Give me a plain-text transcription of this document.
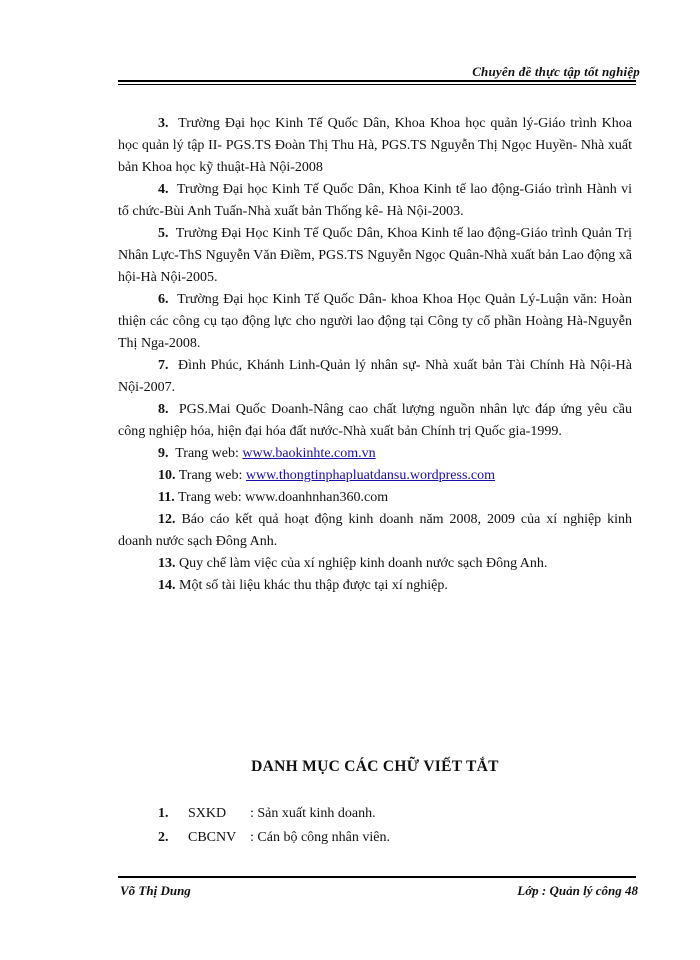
Chuyên đề thực tập tốt nghiệp

3. Trường Đại học Kinh Tế Quốc Dân, Khoa Khoa học quản lý-Giáo trình Khoa học quản lý tập II- PGS.TS Đoàn Thị Thu Hà, PGS.TS Nguyễn Thị Ngọc Huyền- Nhà xuất bản Khoa học kỹ thuật-Hà Nội-2008

4. Trường Đại học Kinh Tế Quốc Dân, Khoa Kinh tế lao động-Giáo trình Hành vi tổ chức-Bùi Anh Tuấn-Nhà xuất bản Thống kê- Hà Nội-2003.

5. Trường Đại Học Kinh Tế Quốc Dân, Khoa Kinh tế lao động-Giáo trình Quản Trị Nhân Lực-ThS Nguyễn Văn Điềm, PGS.TS Nguyễn Ngọc Quân-Nhà xuất bản Lao động xã hội-Hà Nội-2005.

6. Trường Đại học Kinh Tế Quốc Dân- khoa Khoa Học Quản Lý-Luận văn: Hoàn thiện các công cụ tạo động lực cho người lao động tại Công ty cổ phần Hoàng Hà-Nguyễn Thị Nga-2008.

7. Đình Phúc, Khánh Linh-Quản lý nhân sự- Nhà xuất bản Tài Chính Hà Nội-Hà Nội-2007.

8. PGS.Mai Quốc Doanh-Nâng cao chất lượng nguồn nhân lực đáp ứng yêu cầu công nghiệp hóa, hiện đại hóa đất nước-Nhà xuất bản Chính trị Quốc gia-1999.

9. Trang web: www.baokinhte.com.vn

10. Trang web: www.thongtinphapluatdansu.wordpress.com

11. Trang web: www.doanhnhan360.com

12. Báo cáo kết quả hoạt động kinh doanh năm 2008, 2009 của xí nghiệp kinh doanh nước sạch Đông Anh.

13. Quy chế làm việc của xí nghiệp kinh doanh nước sạch Đông Anh.

14. Một số tài liệu khác thu thập được tại xí nghiệp.

DANH MỤC CÁC CHỮ VIẾT TẮT
1.	SXKD	: Sản xuất kinh doanh.
2.	CBCNV : Cán bộ công nhân viên.
Võ Thị Dung	Lớp : Quản lý công 48
